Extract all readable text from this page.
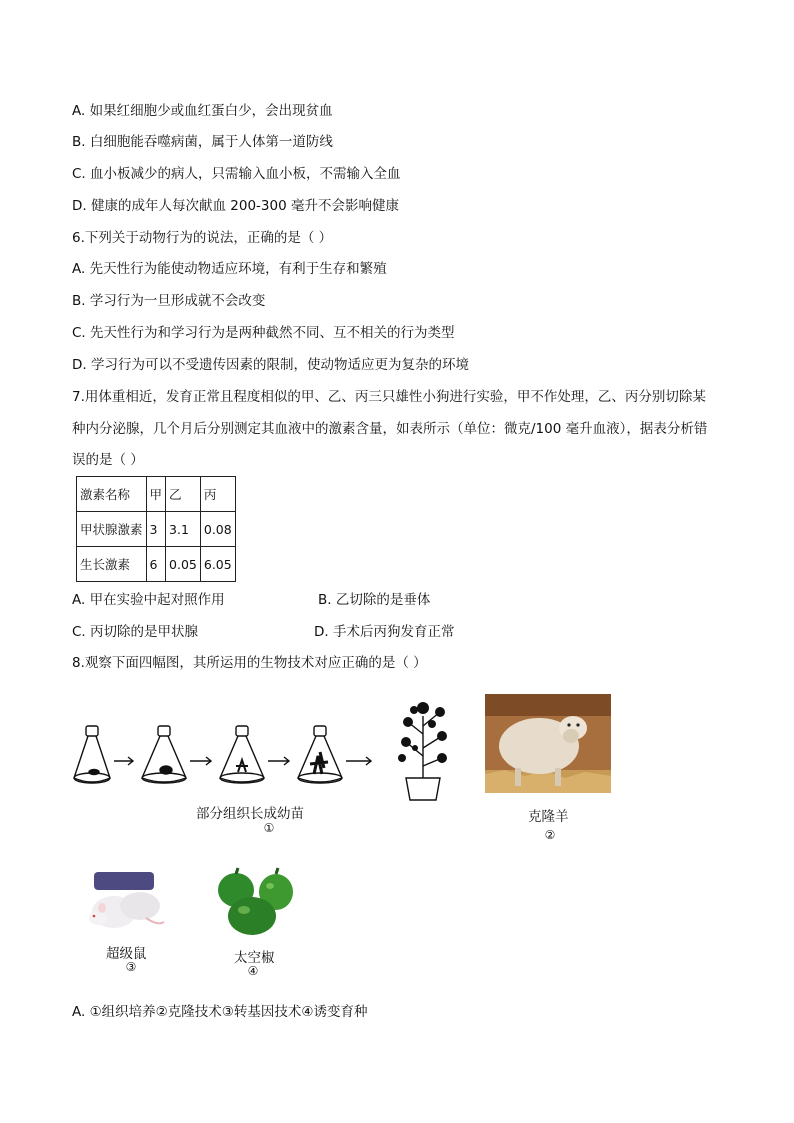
A. 如果红细胞少或血红蛋白少，会出现贫血
B. 白细胞能吞噬病菌，属于人体第一道防线
C. 血小板减少的病人，只需输入血小板，不需输入全血
D. 健康的成年人每次献血 200-300 毫升不会影响健康
6.下列关于动物行为的说法，正确的是（ ）
A. 先天性行为能使动物适应环境，有利于生存和繁殖
B. 学习行为一旦形成就不会改变
C. 先天性行为和学习行为是两种截然不同、互不相关的行为类型
D. 学习行为可以不受遗传因素的限制，使动物适应更为复杂的环境
7.用体重相近，发育正常且程度相似的甲、乙、丙三只雄性小狗进行实验，甲不作处理，乙、丙分别切除某
种内分泌腺，几个月后分别测定其血液中的激素含量，如表所示（单位：微克/100 毫升血液），据表分析错
误的是（ ）
激素名称	甲	乙	丙
甲状腺激素	3	3.1	0.08
生长激素	6	0.05	6.05
A. 甲在实验中起对照作用	B. 乙切除的是垂体
C. 丙切除的是甲状腺	D. 手术后丙狗发育正常
8.观察下面四幅图，其所运用的生物技术对应正确的是（ ）
部分组织长成幼苗
①
克隆羊
②
超级鼠
③
太空椒
④
A. ①组织培养②克隆技术③转基因技术④诱变育种
